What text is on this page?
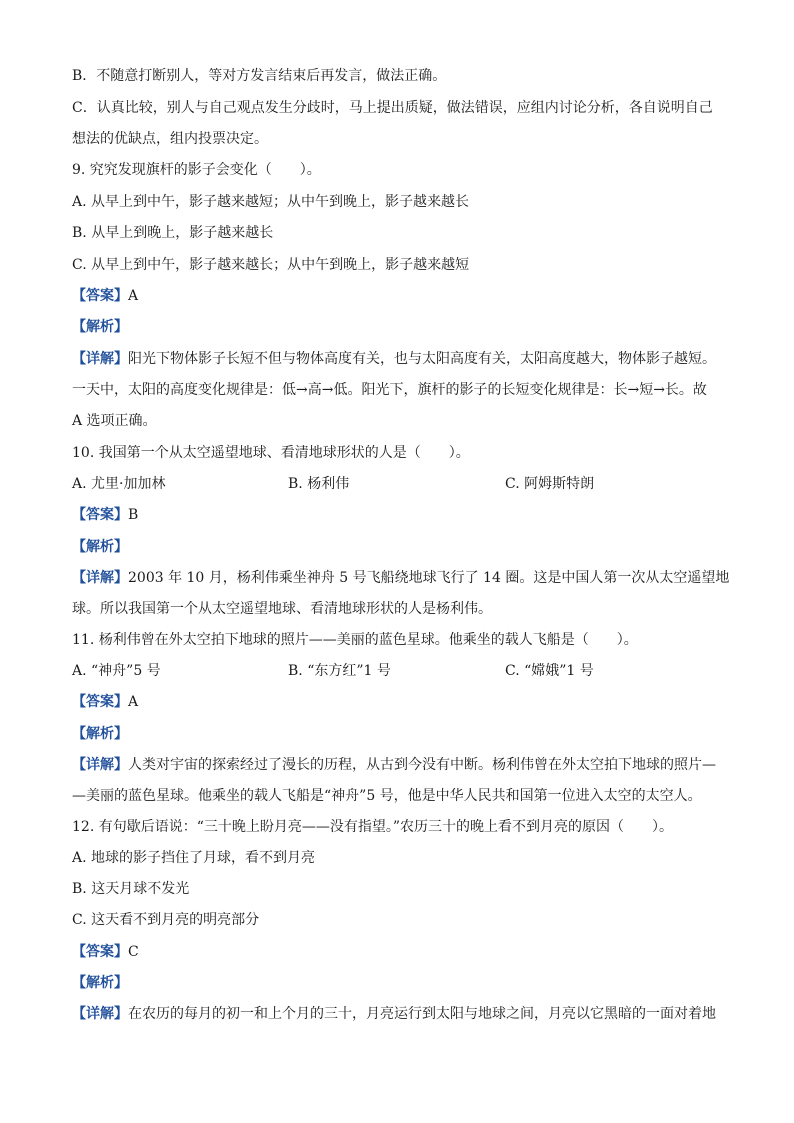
B．不随意打断别人，等对方发言结束后再发言，做法正确。
C．认真比较，别人与自己观点发生分歧时，马上提出质疑，做法错误，应组内讨论分析，各自说明自己
想法的优缺点，组内投票决定。
9. 究究发现旗杆的影子会变化（　　）。
A. 从早上到中午，影子越来越短；从中午到晚上，影子越来越长
B. 从早上到晚上，影子越来越长
C. 从早上到中午，影子越来越长；从中午到晚上，影子越来越短
【答案】A
【解析】
【详解】阳光下物体影子长短不但与物体高度有关，也与太阳高度有关，太阳高度越大，物体影子越短。
一天中，太阳的高度变化规律是：低→高→低。阳光下，旗杆的影子的长短变化规律是：长→短→长。故
A 选项正确。
10. 我国第一个从太空遥望地球、看清地球形状的人是（　　）。
A. 尤里·加加林	B. 杨利伟	C. 阿姆斯特朗
【答案】B
【解析】
【详解】2003 年 10 月，杨利伟乘坐神舟 5 号飞船绕地球飞行了 14 圈。这是中国人第一次从太空遥望地
球。所以我国第一个从太空遥望地球、看清地球形状的人是杨利伟。
11. 杨利伟曾在外太空拍下地球的照片——美丽的蓝色星球。他乘坐的载人飞船是（　　）。
A. “神舟”5 号	B. “东方红”1 号	C. “嫦娥”1 号
【答案】A
【解析】
【详解】人类对宇宙的探索经过了漫长的历程，从古到今没有中断。杨利伟曾在外太空拍下地球的照片—
—美丽的蓝色星球。他乘坐的载人飞船是“神舟”5 号，他是中华人民共和国第一位进入太空的太空人。
12. 有句歇后语说：“三十晚上盼月亮——没有指望。”农历三十的晚上看不到月亮的原因（　　）。
A. 地球的影子挡住了月球，看不到月亮
B. 这天月球不发光
C. 这天看不到月亮的明亮部分
【答案】C
【解析】
【详解】在农历的每月的初一和上个月的三十，月亮运行到太阳与地球之间，月亮以它黑暗的一面对着地
